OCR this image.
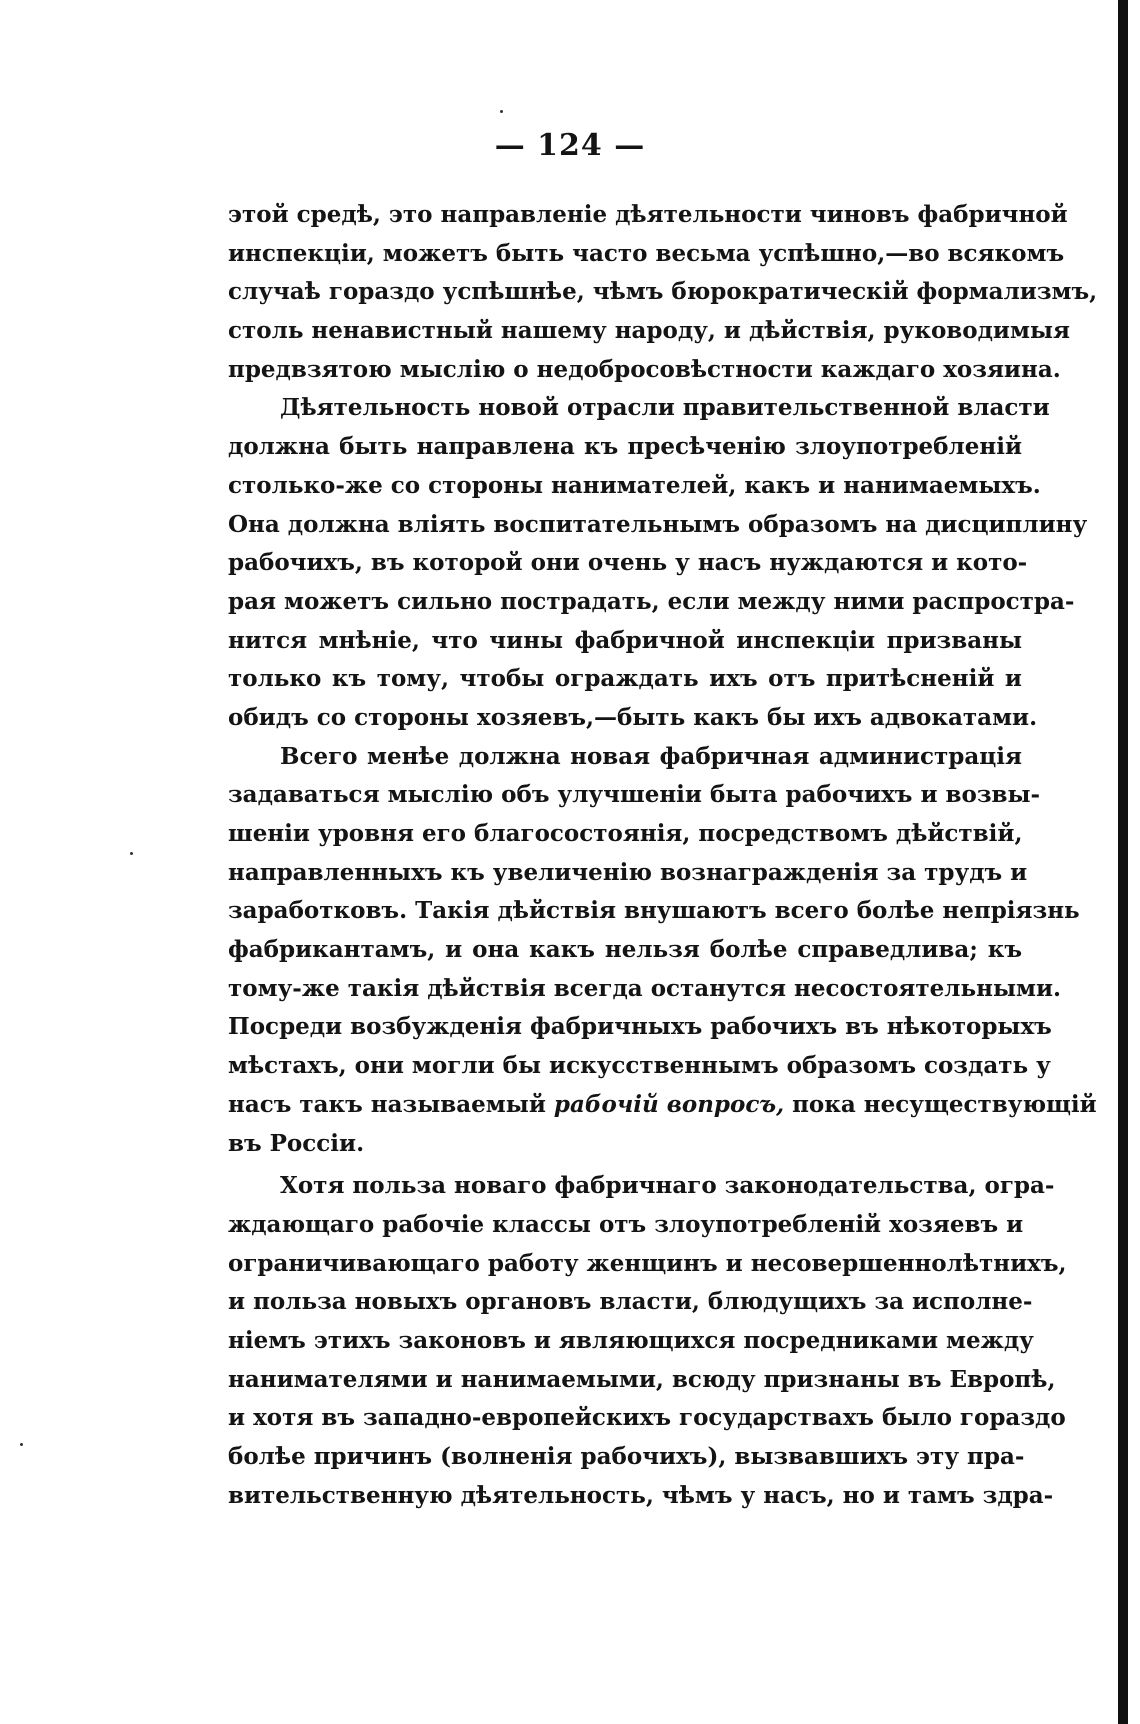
— 124 —
этой средѣ, это направленіе дѣятельности чиновъ фабричной
инспекціи, можетъ быть часто весьма успѣшно,—во всякомъ
случаѣ гораздо успѣшнѣе, чѣмъ бюрократическій формализмъ,
столь ненавистный нашему народу, и дѣйствія, руководимыя
предвзятою мыслію о недобросовѣстности каждаго хозяина.
Дѣятельность новой отрасли правительственной власти
должна быть направлена къ пресѣченію злоупотребленій
столько-же со стороны нанимателей, какъ и нанимаемыхъ.
Она должна вліять воспитательнымъ образомъ на дисциплину
рабочихъ, въ которой они очень у насъ нуждаются и кото-
рая можетъ сильно пострадать, если между ними распростра-
нится мнѣніе, что чины фабричной инспекціи призваны
только къ тому, чтобы ограждать ихъ отъ притѣсненій и
обидъ со стороны хозяевъ,—быть какъ бы ихъ адвокатами.
Всего менѣе должна новая фабричная администрація
задаваться мыслію объ улучшеніи быта рабочихъ и возвы-
шеніи уровня его благосостоянія, посредствомъ дѣйствій,
направленныхъ къ увеличенію вознагражденія за трудъ и
заработковъ. Такія дѣйствія внушаютъ всего болѣе непріязнь
фабрикантамъ, и она какъ нельзя болѣе справедлива; къ
тому-же такія дѣйствія всегда останутся несостоятельными.
Посреди возбужденія фабричныхъ рабочихъ въ нѣкоторыхъ
мѣстахъ, они могли бы искусственнымъ образомъ создать у
насъ такъ называемый рабочій вопросъ, пока несуществующій
въ Россіи.
Хотя польза новаго фабричнаго законодательства, огра-
ждающаго рабочіе классы отъ злоупотребленій хозяевъ и
ограничивающаго работу женщинъ и несовершеннолѣтнихъ,
и польза новыхъ органовъ власти, блюдущихъ за исполне-
ніемъ этихъ законовъ и являющихся посредниками между
нанимателями и нанимаемыми, всюду признаны въ Европѣ,
и хотя въ западно-европейскихъ государствахъ было гораздо
болѣе причинъ (волненія рабочихъ), вызвавшихъ эту пра-
вительственную дѣятельность, чѣмъ у насъ, но и тамъ здра-
